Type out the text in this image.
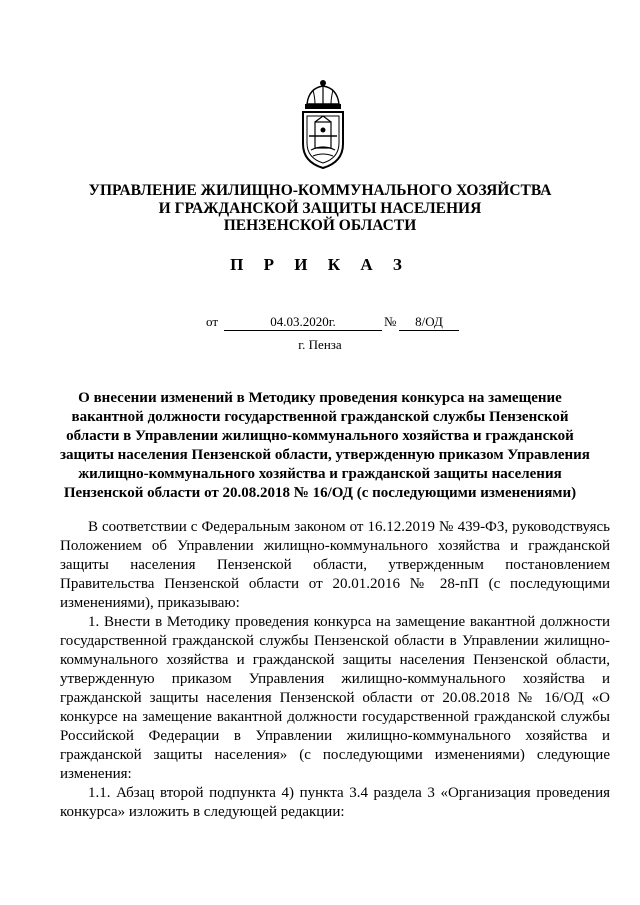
УПРАВЛЕНИЕ ЖИЛИЩНО-КОММУНАЛЬНОГО ХОЗЯЙСТВА
И ГРАЖДАНСКОЙ ЗАЩИТЫ НАСЕЛЕНИЯ
ПЕНЗЕНСКОЙ ОБЛАСТИ
П Р И К А З
от	04.03.2020г.	№	8/ОД
г. Пенза
О внесении изменений в Методику проведения конкурса на замещение
вакантной должности государственной гражданской службы Пензенской
области в Управлении жилищно-коммунального хозяйства и гражданской
защиты населения Пензенской области, утвержденную приказом Управления
жилищно-коммунального хозяйства и гражданской защиты населения
Пензенской области от 20.08.2018 № 16/ОД (с последующими изменениями)
В соответствии с Федеральным законом от 16.12.2019 № 439-ФЗ, руководствуясь
Положением об Управлении жилищно-коммунального хозяйства и гражданской
защиты населения Пензенской области, утвержденным постановлением
Правительства Пензенской области от 20.01.2016 № 28-пП (с последующими
изменениями), приказываю:
1. Внести в Методику проведения конкурса на замещение вакантной должности
государственной гражданской службы Пензенской области в Управлении жилищно-
коммунального хозяйства и гражданской защиты населения Пензенской области,
утвержденную приказом Управления жилищно-коммунального хозяйства и
гражданской защиты населения Пензенской области от 20.08.2018 № 16/ОД «О
конкурсе на замещение вакантной должности государственной гражданской службы
Российской Федерации в Управлении жилищно-коммунального хозяйства и
гражданской защиты населения» (с последующими изменениями) следующие
изменения:
1.1. Абзац второй подпункта 4) пункта 3.4 раздела 3 «Организация проведения
конкурса» изложить в следующей редакции:
